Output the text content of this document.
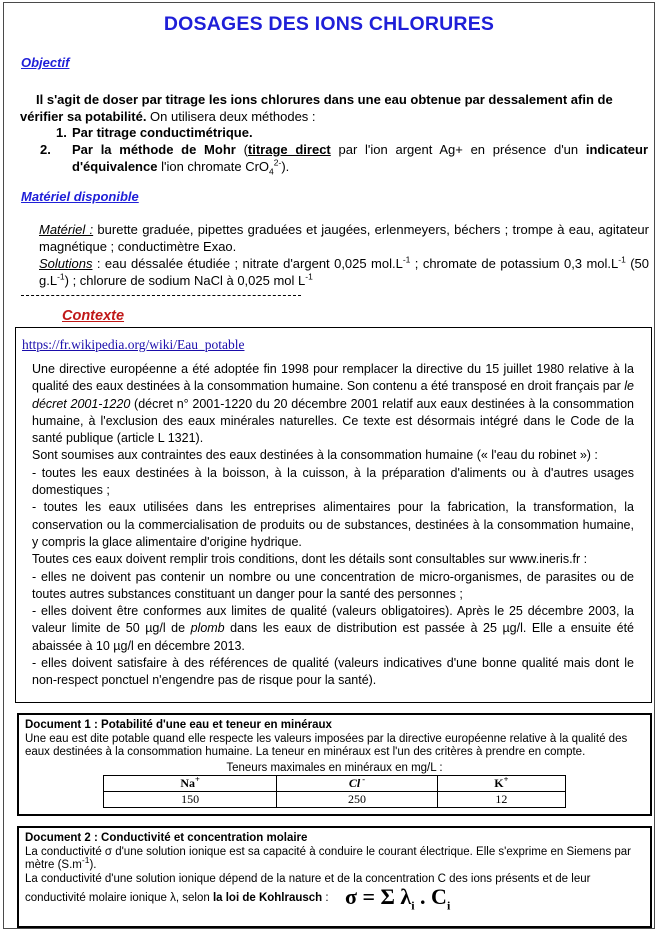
DOSAGES DES IONS CHLORURES
Objectif

Il s'agit de doser par titrage les ions chlorures dans une eau obtenue par dessalement afin de vérifier sa potabilité. On utilisera deux méthodes :

1. Par titrage conductimétrique.
2. Par la méthode de Mohr (titrage direct par l'ion argent Ag+ en présence d'un indicateur d'équivalence l'ion chromate CrO$_4^{2-}$).
Matériel disponible
Matériel : burette graduée, pipettes graduées et jaugées, erlenmeyers, béchers ; trompe à eau, agitateur magnétique ; conductimètre Exao.
Solutions : eau déssalée étudiée ; nitrate d'argent 0,025 $mol.L^{-1}$ ; chromate de potassium 0,3 $mol.L^{-1}$ (50 $g.L^{-1}$) ; chlorure de sodium NaCl à 0,025 mol $L^{-1}$
Contexte
https://fr.wikipedia.org/wiki/Eau_potable

Une directive européenne a été adoptée fin 1998 pour remplacer la directive du 15 juillet 1980 relative à la qualité des eaux destinées à la consommation humaine. Son contenu a été transposé en droit français par le décret 2001-1220 (décret n° 2001-1220 du 20 décembre 2001 relatif aux eaux destinées à la consommation humaine, à l'exclusion des eaux minérales naturelles. Ce texte est désormais intégré dans le Code de la santé publique (article L 1321).

Sont soumises aux contraintes des eaux destinées à la consommation humaine (« l'eau du robinet ») :

- toutes les eaux destinées à la boisson, à la cuisson, à la préparation d'aliments ou à d'autres usages domestiques ;

- toutes les eaux utilisées dans les entreprises alimentaires pour la fabrication, la transformation, la conservation ou la commercialisation de produits ou de substances, destinées à la consommation humaine, y compris la glace alimentaire d'origine hydrique.

Toutes ces eaux doivent remplir trois conditions, dont les détails sont consultables sur www.ineris.fr :

- elles ne doivent pas contenir un nombre ou une concentration de micro-organismes, de parasites ou de toutes autres substances constituant un danger pour la santé des personnes ;

- elles doivent être conformes aux limites de qualité (valeurs obligatoires). Après le 25 décembre 2003, la valeur limite de 50 µg/l de plomb dans les eaux de distribution est passée à 25 µg/l. Elle a ensuite été abaissée à 10 µg/l en décembre 2013.

- elles doivent satisfaire à des références de qualité (valeurs indicatives d'une bonne qualité mais dont le non-respect ponctuel n'engendre pas de risque pour la santé).

Document 1 : Potabilité d'une eau et teneur en minéraux
Une eau est dite potable quand elle respecte les valeurs imposées par la directive européenne relative à la qualité des eaux destinées à la consommation humaine. La teneur en minéraux est l'un des critères à prendre en compte.
Teneurs maximales en minéraux en mg/L :
Na+	Cl -	K+
150	250	12
Document 2 : Conductivité et concentration molaire
La conductivité σ d'une solution ionique est sa capacité à conduire le courant électrique. Elle s'exprime en Siemens par mètre $(S.m^{-1})$.
La conductivité d'une solution ionique dépend de la nature et de la concentration C des ions présents et de leur
conductivité molaire ionique λ, selon la loi de Kohlrausch : σ = Σ $\lambda_i$ . $C_i$
